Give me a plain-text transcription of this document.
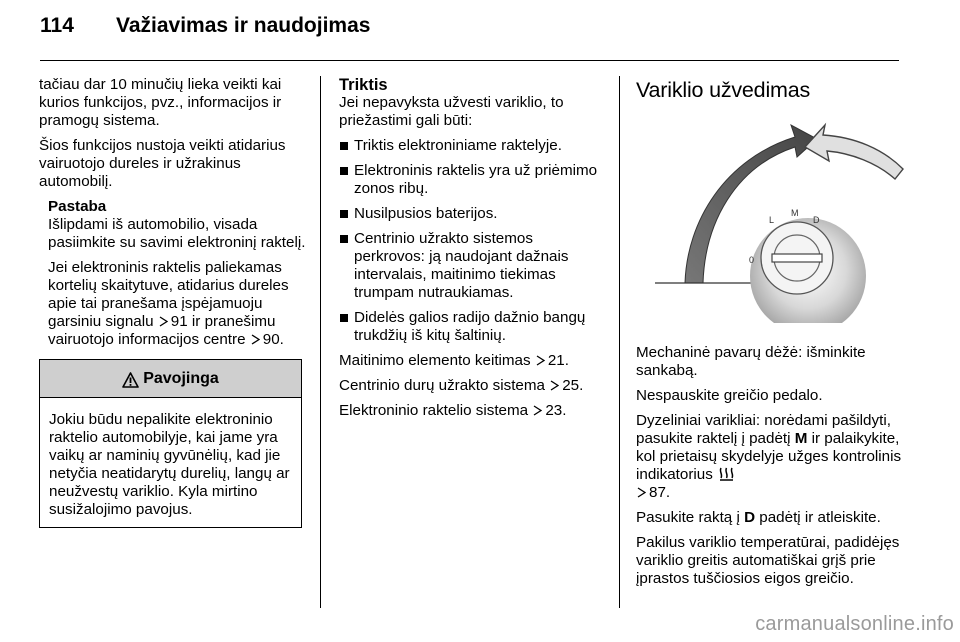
114	Važiavimas ir naudojimas

tačiau dar 10 minučių lieka veikti kai kurios funkcijos, pvz., informacijos ir pramogų sistema.

Šios funkcijos nustoja veikti atidarius vairuotojo dureles ir užrakinus automobilį.

Pastaba

Išlipdami iš automobilio, visada pasiimkite su savimi elektroninį raktelį.

Jei elektroninis raktelis paliekamas kortelių skaitytuve, atidarius dureles apie tai pranešama įspėjamuoju garsiniu signalu 91 ir pranešimu vairuotojo informacijos centre 90.

Pavojinga
Jokiu būdu nepalikite elektroninio raktelio automobilyje, kai jame yra vaikų ar naminių gyvūnėlių, kad jie netyčia neatidarytų durelių, langų ar neužvestų variklio. Kyla mirtino susižalojimo pavojus.

Triktis

Jei nepavyksta užvesti variklio, to priežastimi gali būti:

Triktis elektroniniame raktelyje.
Elektroninis raktelis yra už priėmimo zonos ribų.
Nusilpusios baterijos.
Centrinio užrakto sistemos perkrovos: ją naudojant dažnais intervalais, maitinimo tiekimas trumpam nutraukiamas.
Didelės galios radijo dažnio bangų trukdžių iš kitų šaltinių.

Maitinimo elemento keitimas 21.

Centrinio durų užrakto sistema 25.

Elektroninio raktelio sistema 23.

Variklio užvedimas

0
L
M
D

Mechaninė pavarų dėžė: išminkite sankabą.

Nespauskite greičio pedalo.

Dyzeliniai varikliai: norėdami pašildyti, pasukite raktelį į padėtį M ir palaikykite, kol prietaisų skydelyje užges kontrolinis indikatorius
87.

Pasukite raktą į D padėtį ir atleiskite.

Pakilus variklio temperatūrai, padidėjęs variklio greitis automatiškai grįš prie įprastos tuščiosios eigos greičio.

carmanualsonline.info
